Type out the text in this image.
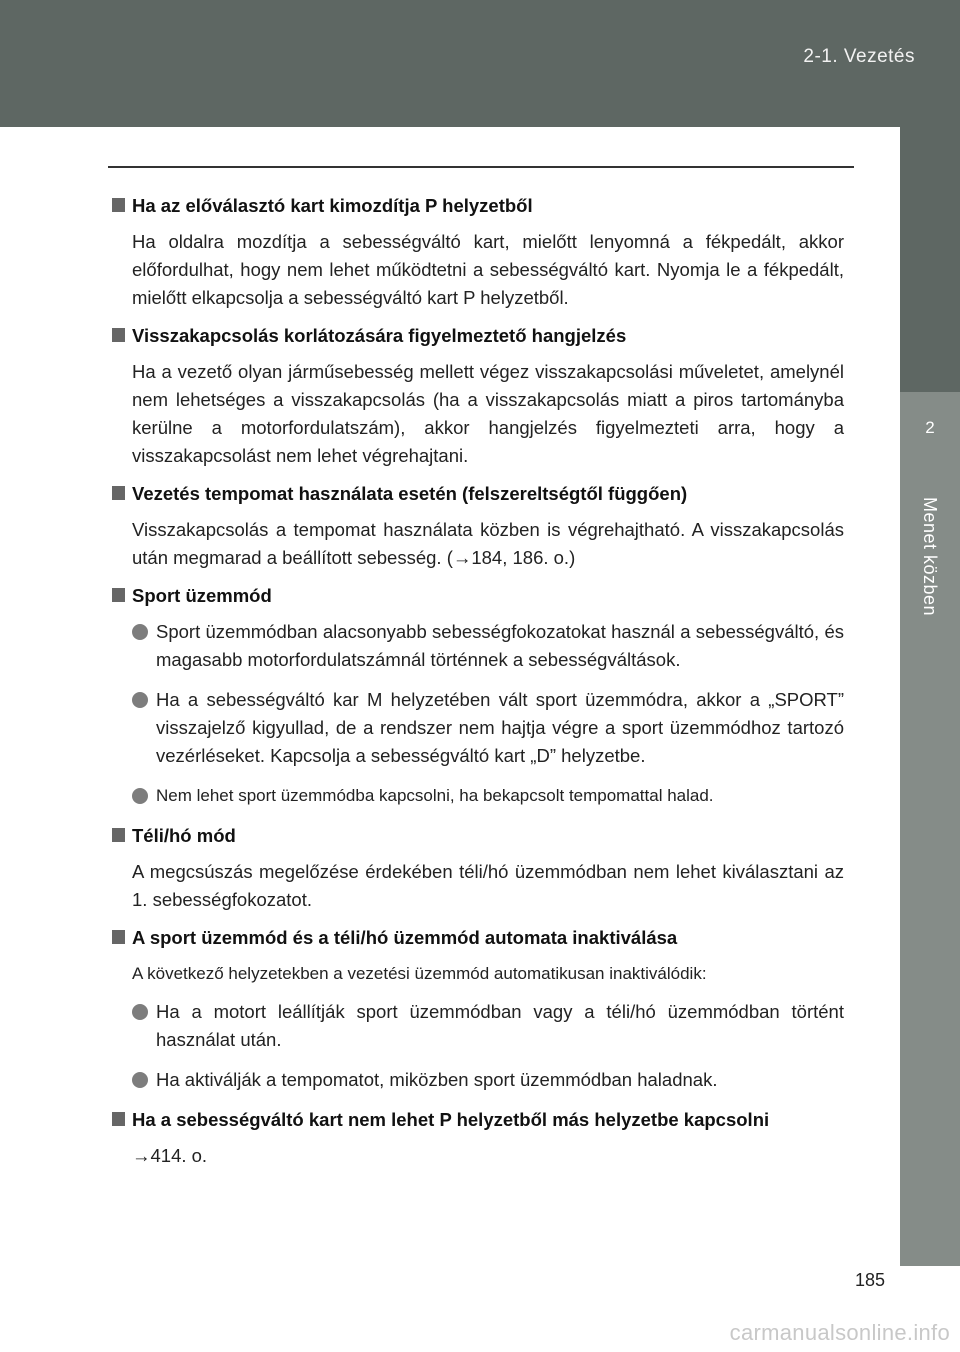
2-1. Vezetés
2
Menet közben
Ha az előválasztó kart kimozdítja P helyzetből
Ha oldalra mozdítja a sebességváltó kart, mielőtt lenyomná a fékpedált, akkor előfordulhat, hogy nem lehet működtetni a sebességváltó kart. Nyomja le a fékpedált, mielőtt elkapcsolja a sebességváltó kart P helyzetből.
Visszakapcsolás korlátozására figyelmeztető hangjelzés
Ha a vezető olyan járműsebesség mellett végez visszakapcsolási műveletet, amelynél nem lehetséges a visszakapcsolás (ha a visszakapcsolás miatt a piros tartományba kerülne a motorfordulatszám), akkor hangjelzés figyelmezteti arra, hogy a visszakapcsolást nem lehet végrehajtani.
Vezetés tempomat használata esetén (felszereltségtől függően)
Visszakapcsolás a tempomat használata közben is végrehajtható. A visszakapcsolás után megmarad a beállított sebesség. (→184, 186. o.)
Sport üzemmód
Sport üzemmódban alacsonyabb sebességfokozatokat használ a sebességváltó, és magasabb motorfordulatszámnál történnek a sebességváltások.
Ha a sebességváltó kar M helyzetében vált sport üzemmódra, akkor a „SPORT” visszajelző kigyullad, de a rendszer nem hajtja végre a sport üzemmódhoz tartozó vezérléseket. Kapcsolja a sebességváltó kart „D” helyzetbe.
Nem lehet sport üzemmódba kapcsolni, ha bekapcsolt tempomattal halad.
Téli/hó mód
A megcsúszás megelőzése érdekében téli/hó üzemmódban nem lehet kiválasztani az 1. sebességfokozatot.
A sport üzemmód és a téli/hó üzemmód automata inaktiválása
A következő helyzetekben a vezetési üzemmód automatikusan inaktiválódik:
Ha a motort leállítják sport üzemmódban vagy a téli/hó üzemmódban történt használat után.
Ha aktiválják a tempomatot, miközben sport üzemmódban haladnak.
Ha a sebességváltó kart nem lehet P helyzetből más helyzetbe kapcsolni
→414. o.
185
carmanualsonline.info
